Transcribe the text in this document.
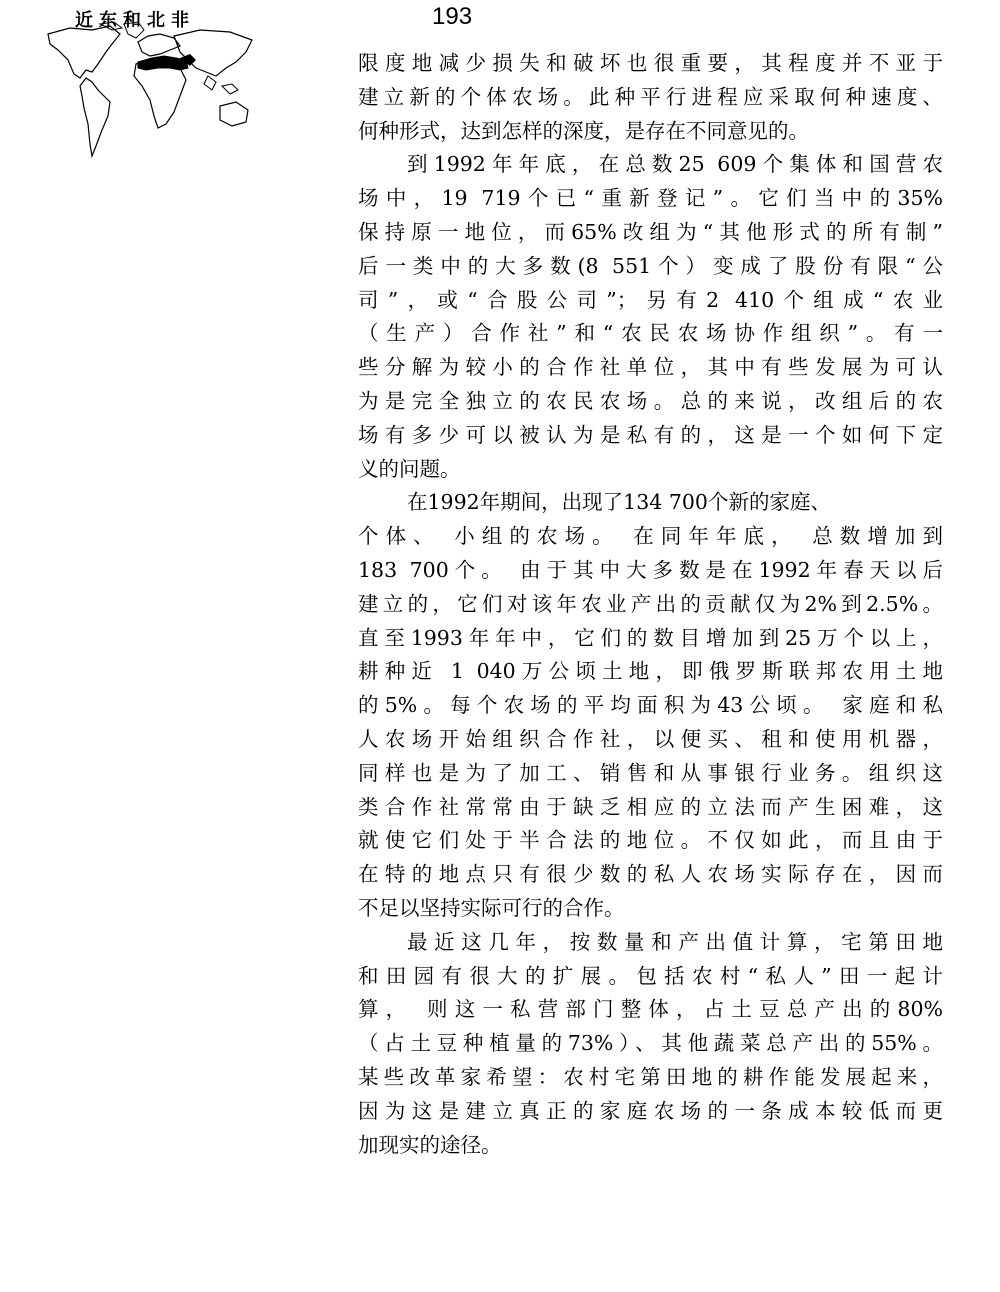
近东和北非	193
限度地减少损失和破坏也很重要，其程度并不亚于
建立新的个体农场。此种平行进程应采取何种速度、
何种形式，达到怎样的深度，是存在不同意见的。
到1992年年底，在总数25 609个集体和国营农
场中，19 719个已“重新登记”。它们当中的35%
保持原一地位，而65%改组为“其他形式的所有制”
后一类中的大多数(8 551个）变成了股份有限“公
司”，或“合股公司”；另有2 410个组成“农业
（生产）合作社”和“农民农场协作组织”。有一
些分解为较小的合作社单位，其中有些发展为可认
为是完全独立的农民农场。总的来说，改组后的农
场有多少可以被认为是私有的，这是一个如何下定
义的问题。
在1992年期间，出现了134 700个新的家庭、
个体、 小组的农场。 在同年年底， 总数增加到
183 700个。 由于其中大多数是在1992年春天以后
建立的，它们对该年农业产出的贡献仅为2%到2.5%。
直至1993年年中，它们的数目增加到25万个以上，
耕种近 1 040万公顷土地，即俄罗斯联邦农用土地
的5%。每个农场的平均面积为43公顷。 家庭和私
人农场开始组织合作社，以便买、租和使用机器，
同样也是为了加工、销售和从事银行业务。组织这
类合作社常常由于缺乏相应的立法而产生困难，这
就使它们处于半合法的地位。不仅如此，而且由于
在特的地点只有很少数的私人农场实际存在，因而
不足以坚持实际可行的合作。
最近这几年，按数量和产出值计算，宅第田地
和田园有很大的扩展。包括农村“私人”田一起计
算， 则这一私营部门整体，占土豆总产出的80%
（占土豆种植量的73%）、其他蔬菜总产出的55%。
某些改革家希望：农村宅第田地的耕作能发展起来，
因为这是建立真正的家庭农场的一条成本较低而更
加现实的途径。
